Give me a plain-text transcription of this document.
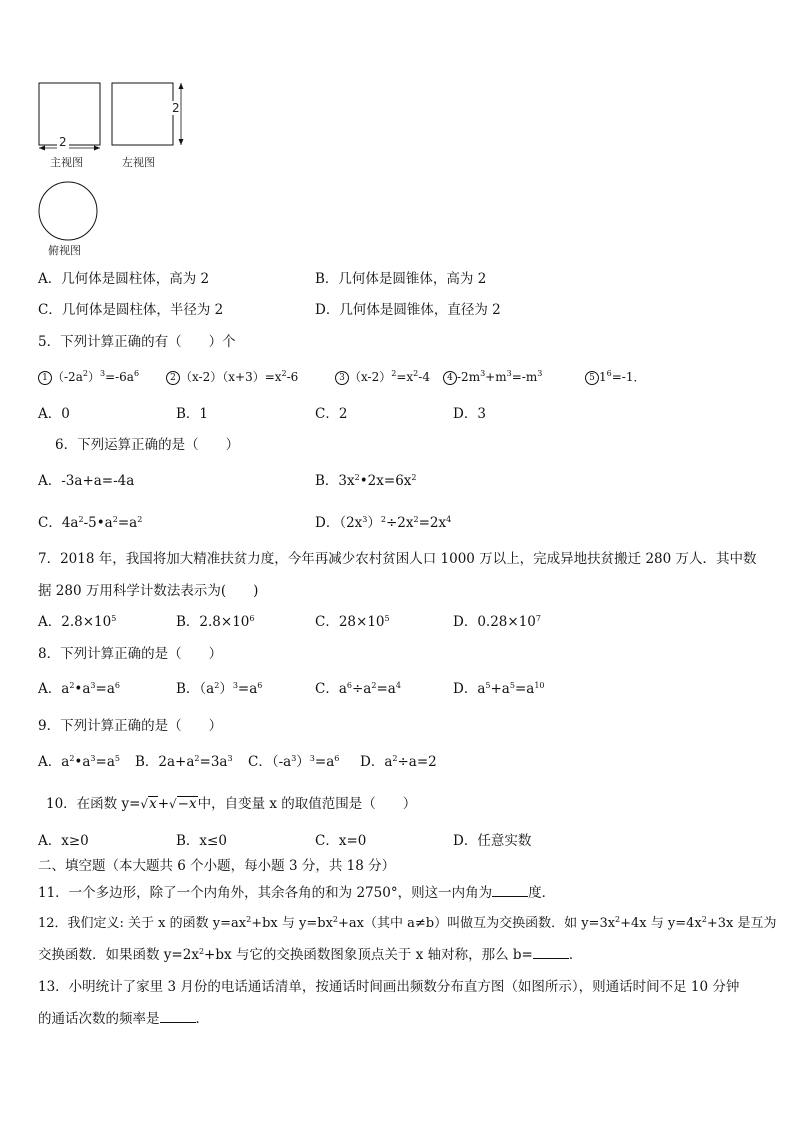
2
2
主视图	左视图
俯视图
A．几何体是圆柱体，高为 2	B．几何体是圆锥体，高为 2
C．几何体是圆柱体，半径为 2	D．几何体是圆锥体，直径为 2
5．下列计算正确的有（　　）个
1 $(-2a^2)^3=-6a^6$	2 $(x-2)(x+3)=x^2-6$	3 $(x-2)^2=x^2-4$	4 $-2m^3+m^3=-m^3$	5 $1^6=-1$．
A．0	B．1	C．2	D．3
6．下列运算正确的是（　　）
A．-3a+a=-4a	B．$3x^2•2x=6x^2$
C．$4a^2-5•a^2=a^2$	D．$(2x^3)^2\div 2x^2=2x^4$
7．2018 年，我国将加大精准扶贫力度，今年再减少农村贫困人口 1000 万以上，完成异地扶贫搬迁 280 万人．其中数
据 280 万用科学计数法表示为(　　)
A．$2.8\times 10^5$	B．$2.8\times 10^6$	C．$28\times 10^5$	D．$0.28\times 10^7$
8．下列计算正确的是（　　）
A．$a^2•a^3=a^6$	B．$(a^2)^3=a^6$	C．$a^6\div a^2=a^4$	D．$a^5+a^5=a^{10}$
9．下列计算正确的是（　　）
A．$a^2•a^3=a^5$ B．$2a+a^2=3a^3$ C．$(-a^3)^3=a^6$ D．$a^2\div a=2$
10．在函数 y=√x+√−x中，自变量 x 的取值范围是（　　）
A．x≥0	B．x≤0	C．x=0	D．任意实数
二、填空题（本大题共 6 个小题，每小题 3 分，共 18 分）
11．一个多边形，除了一个内角外，其余各角的和为 2750°，则这一内角为	度．
12．我们定义: 关于 x 的函数 $y=ax^2+bx$ 与 $y=bx^2+ax$（其中 a≠b）叫做互为交换函数．如 $y=3x^2+4x$ 与 $y=4x^2+3x$ 是互为
交换函数．如果函数 $y=2x^2+bx$ 与它的交换函数图象顶点关于 x 轴对称，那么 b=	．
13．小明统计了家里 3 月份的电话通话清单，按通话时间画出频数分布直方图（如图所示），则通话时间不足 10 分钟
的通话次数的频率是	．
